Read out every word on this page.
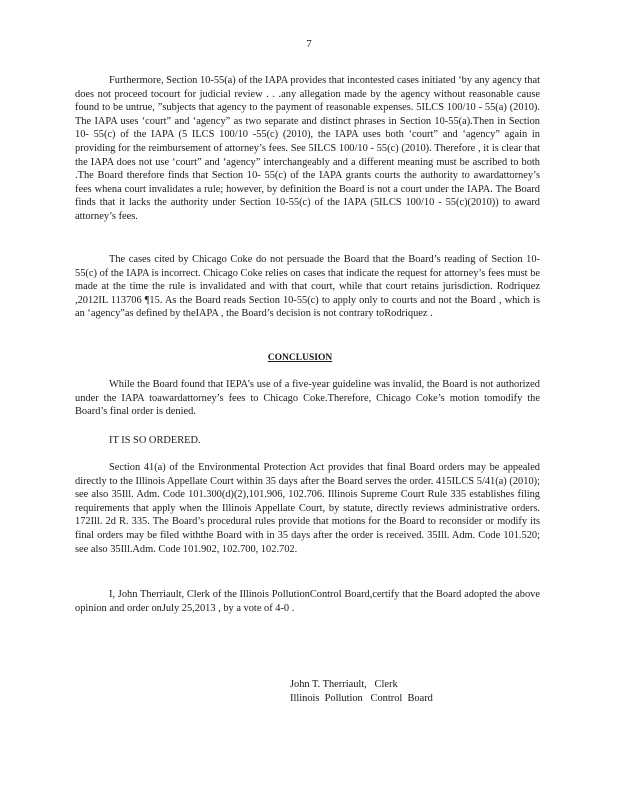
7

Furthermore, Section 10-55(a) of the IAPA provides that incontested cases initiated ‘by any agency that does not proceed tocourt for judicial review . . .any allegation made by the agency without reasonable cause found to be untrue, ”subjects that agency to the payment of reasonable expenses. 5ILCS 100/10 - 55(a) (2010). The IAPA uses ‘court” and ‘agency” as two separate and distinct phrases in Section 10-55(a).Then in Section 10- 55(c) of the IAPA (5 ILCS 100/10 -55(c) (2010), the IAPA uses both ‘court” and ‘agency” again in providing for the reimbursement of attorney’s fees. See 5ILCS 100/10 - 55(c) (2010). Therefore , it is clear that the IAPA does not use ‘court” and ‘agency” interchangeably and a different meaning must be ascribed to both .The Board therefore finds that Section 10- 55(c) of the IAPA grants courts the authority to awardattorney’s fees whena court invalidates a rule; however, by definition the Board is not a court under the IAPA. The Board finds that it lacks the authority under Section 10-55(c) of the IAPA (5ILCS 100/10 - 55(c)(2010)) to award attorney’s fees.

The cases cited by Chicago Coke do not persuade the Board that the Board’s reading of Section 10-55(c) of the IAPA is incorrect. Chicago Coke relies on cases that indicate the request for attorney’s fees must be made at the time the rule is invalidated and with that court, while that court retains jurisdiction. Rodriquez ,2012IL 113706 ¶15. As the Board reads Section 10-55(c) to apply only to courts and not the Board , which is an ‘agency”as defined by theIAPA , the Board’s decision is not contrary toRodriquez .

CONCLUSION

While the Board found that IEPA’s use of a five-year guideline was invalid, the Board is not authorized under the IAPA toawardattorney’s fees to Chicago Coke.Therefore, Chicago Coke’s motion tomodify the Board’s final order is denied.

IT IS SO ORDERED.

Section 41(a) of the Environmental Protection Act provides that final Board orders may be appealed directly to the Illinois Appellate Court within 35 days after the Board serves the order. 415ILCS 5/41(a) (2010); see also 35Ill. Adm. Code 101.300(d)(2),101.906, 102.706. Illinois Supreme Court Rule 335 establishes filing requirements that apply when the Illinois Appellate Court, by statute, directly reviews administrative orders. 172Ill. 2d R. 335. The Board’s procedural rules provide that motions for the Board to reconsider or modify its final orders may be filed withthe Board with in 35 days after the order is received. 35Ill. Adm. Code 101.520; see also 35Ill.Adm. Code 101.902, 102.700, 102.702.

I, John Therriault, Clerk of the Illinois PollutionControl Board,certify that the Board adopted the above opinion and order onJuly 25,2013 , by a vote of 4-0 .

John T. Therriault,   Clerk
Illinois  Pollution   Control  Board
